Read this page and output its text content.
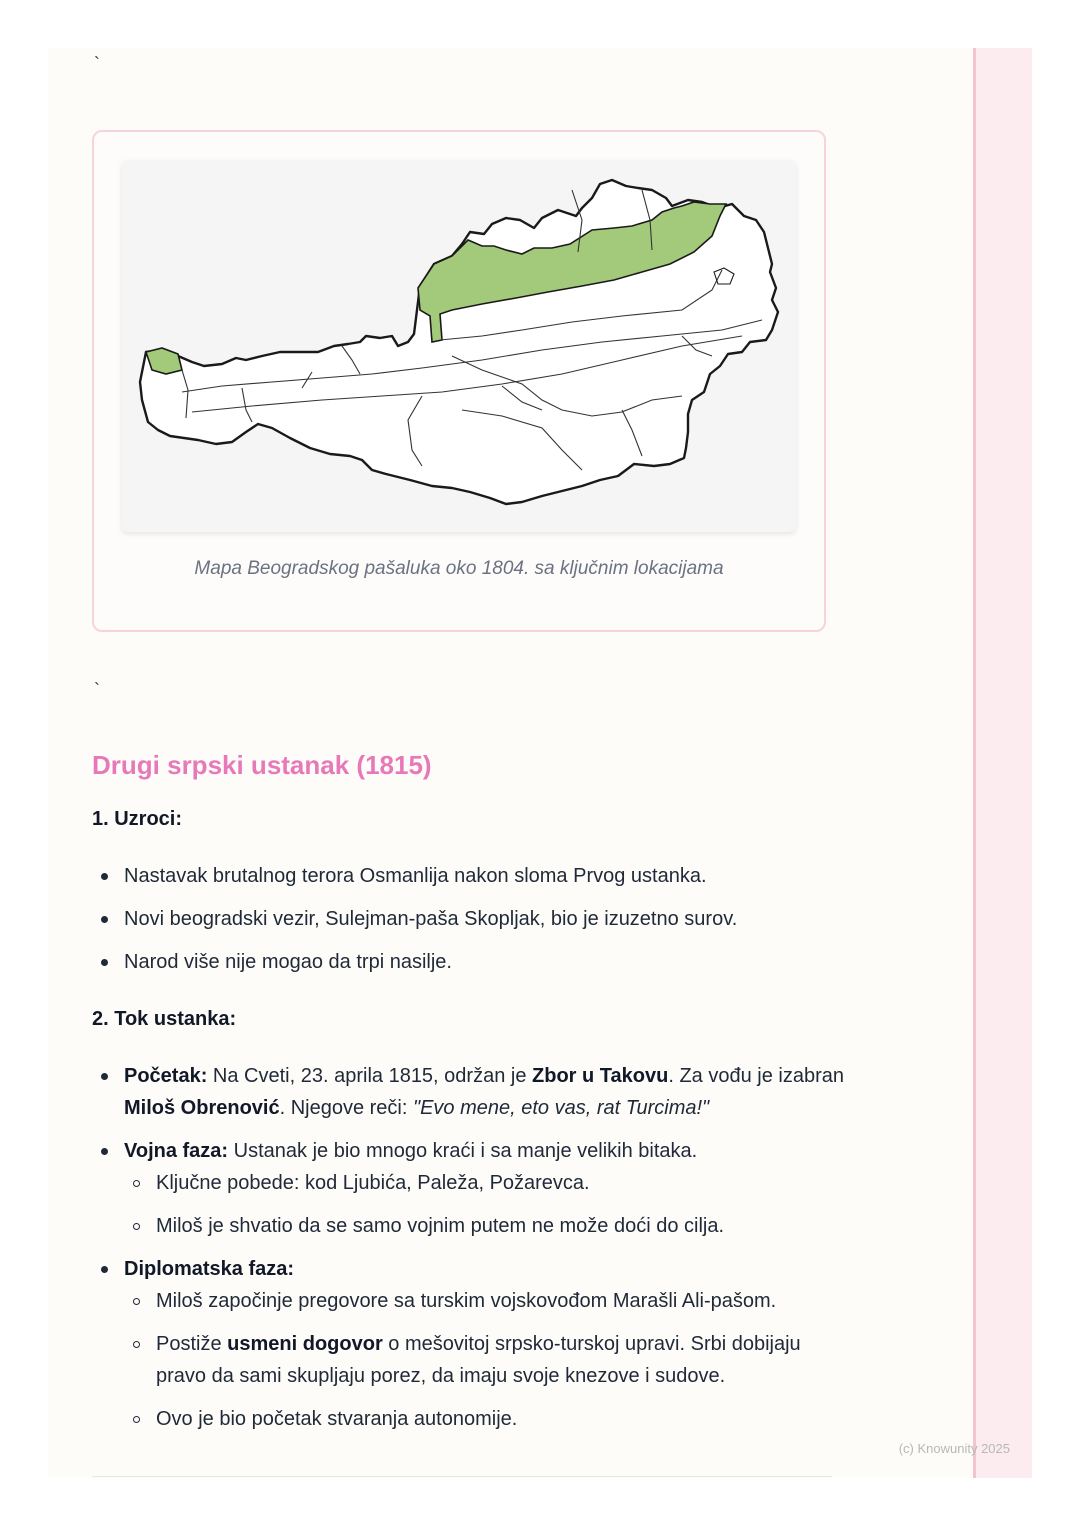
`
Mapa Beogradskog pašaluka oko 1804. sa ključnim lokacijama
`
Drugi srpski ustanak (1815)
1. Uzroci:
Nastavak brutalnog terora Osmanlija nakon sloma Prvog ustanka.
Novi beogradski vezir, Sulejman-paša Skopljak, bio je izuzetno surov.
Narod više nije mogao da trpi nasilje.
2. Tok ustanka:
Početak: Na Cveti, 23. aprila 1815, održan je Zbor u Takovu. Za vođu je izabran Miloš Obrenović. Njegove reči: "Evo mene, eto vas, rat Turcima!"
Vojna faza: Ustanak je bio mnogo kraći i sa manje velikih bitaka.
Ključne pobede: kod Ljubića, Paleža, Požarevca.
Miloš je shvatio da se samo vojnim putem ne može doći do cilja.
Diplomatska faza:
Miloš započinje pregovore sa turskim vojskovođom Marašli Ali-pašom.
Postiže usmeni dogovor o mešovitoj srpsko-turskoj upravi. Srbi dobijaju pravo da sami skupljaju porez, da imaju svoje knezove i sudove.
Ovo je bio početak stvaranja autonomije.
(c) Knowunity 2025
